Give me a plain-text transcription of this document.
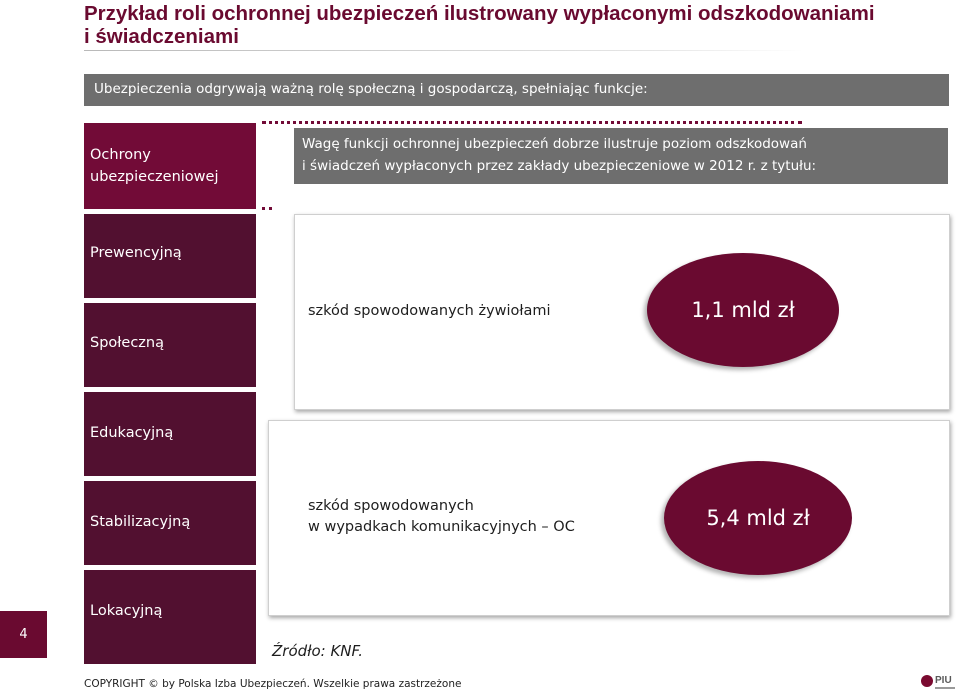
Przykład roli ochronnej ubezpieczeń ilustrowany wypłaconymi odszkodowaniami
i świadczeniami
Ubezpieczenia odgrywają ważną rolę społeczną i gospodarczą, spełniając funkcje:
Ochrony
ubezpieczeniowej
Prewencyjną
Społeczną
Edukacyjną
Stabilizacyjną
Lokacyjną
Wagę funkcji ochronnej ubezpieczeń dobrze ilustruje poziom odszkodowań
i świadczeń wypłaconych przez zakłady ubezpieczeniowe w 2012 r. z tytułu:
szkód spowodowanych żywiołami	1,1 mld zł
szkód spowodowanych
w wypadkach komunikacyjnych – OC	5,4 mld zł
4
Źródło: KNF.
COPYRIGHT © by Polska Izba Ubezpieczeń. Wszelkie prawa zastrzeżone	PIU
